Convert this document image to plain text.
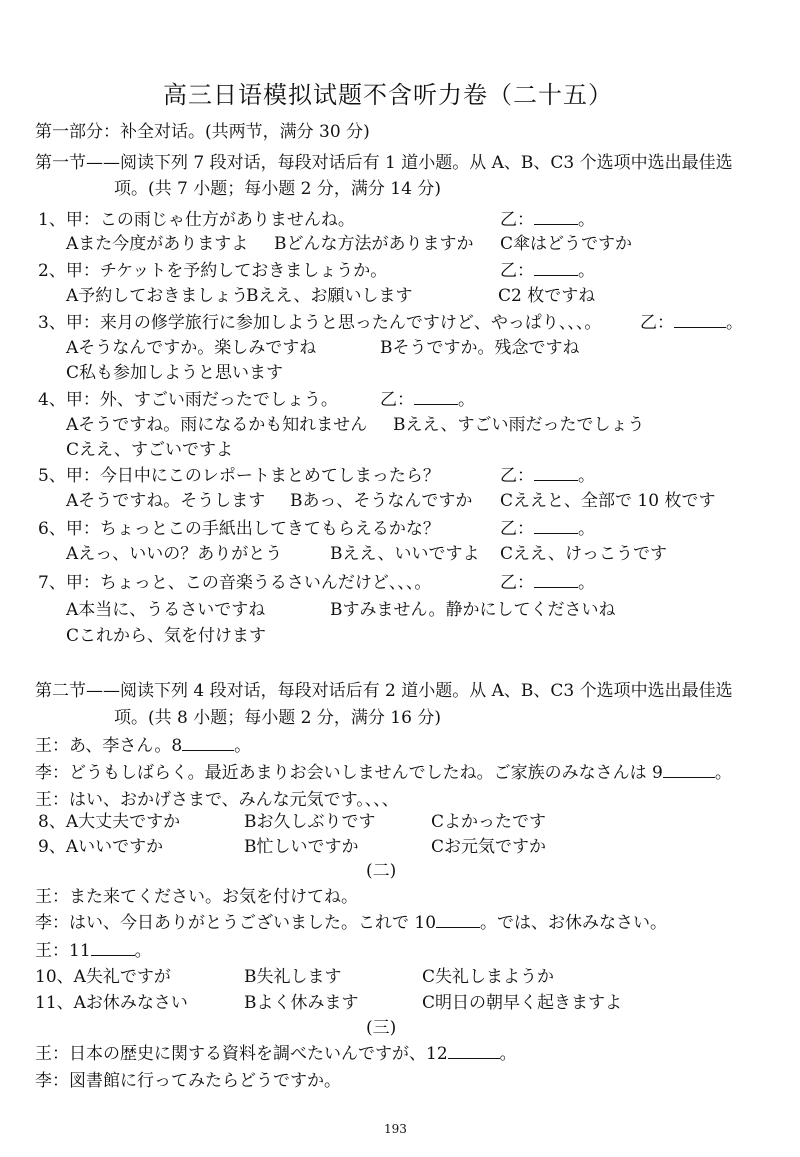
高三日语模拟试题不含听力卷（二十五）
第一部分：补全对话。(共两节，满分 30 分)
第一节——阅读下列 7 段对话，每段对话后有 1 道小题。从 A、B、C3 个选项中选出最佳选
项。(共 7 小题；每小题 2 分，满分 14 分)
1、甲：この雨じゃ仕方がありませんね。	乙：	。
Aまた今度がありますよ Bどんな方法がありますか C傘はどうですか
2、甲：チケットを予約しておきましょうか。	乙：	。
A予約しておきましょう
Bええ、お願いします	C2 枚ですね
3、甲：来月の修学旅行に参加しようと思ったんですけど、やっぱり、、、。 乙：	。
Aそうなんですか。楽しみですね	Bそうですか。残念ですね
C私も参加しようと思います
4、甲：外、すごい雨だったでしょう。 乙：	。
Aそうですね。雨になるかも知れません Bええ、すごい雨だったでしょう
Cええ、すごいですよ
5、甲：今日中にこのレポートまとめてしまったら？	乙：	。
Aそうですね。そうします Bあっ、そうなんですか Cええと、全部で 10 枚です
6、甲：ちょっとこの手紙出してきてもらえるかな？	乙：	。
Aえっ、いいの？ありがとう	Bええ、いいですよ Cええ、けっこうです
7、甲：ちょっと、この音楽うるさいんだけど、、、。	乙：	。
A本当に、うるさいですね	Bすみません。静かにしてくださいね
Cこれから、気を付けます
第二节——阅读下列 4 段对话，每段对话后有 2 道小题。从 A、B、C3 个选项中选出最佳选
项。(共 8 小题；每小题 2 分，满分 16 分)
王：あ、李さん。8	。
李：どうもしばらく。最近あまりお会いしませんでしたね。ご家族のみなさんは 9	。
王：はい、おかげさまで、みんな元気です。、、、
8、A大丈夫ですか	Bお久しぶりです	Cよかったです
9、Aいいですか	B忙しいですか	Cお元気ですか
(二)
王：また来てください。お気を付けてね。
李：はい、今日ありがとうございました。これで 10	。では、お休みなさい。
王：11	。
10、A失礼ですが	B失礼します	C失礼しまようか
11、Aお休みなさい	Bよく休みます	C明日の朝早く起きますよ
(三)
王：日本の歴史に関する資料を調べたいんですが、12	。
李：図書館に行ってみたらどうですか。
193
